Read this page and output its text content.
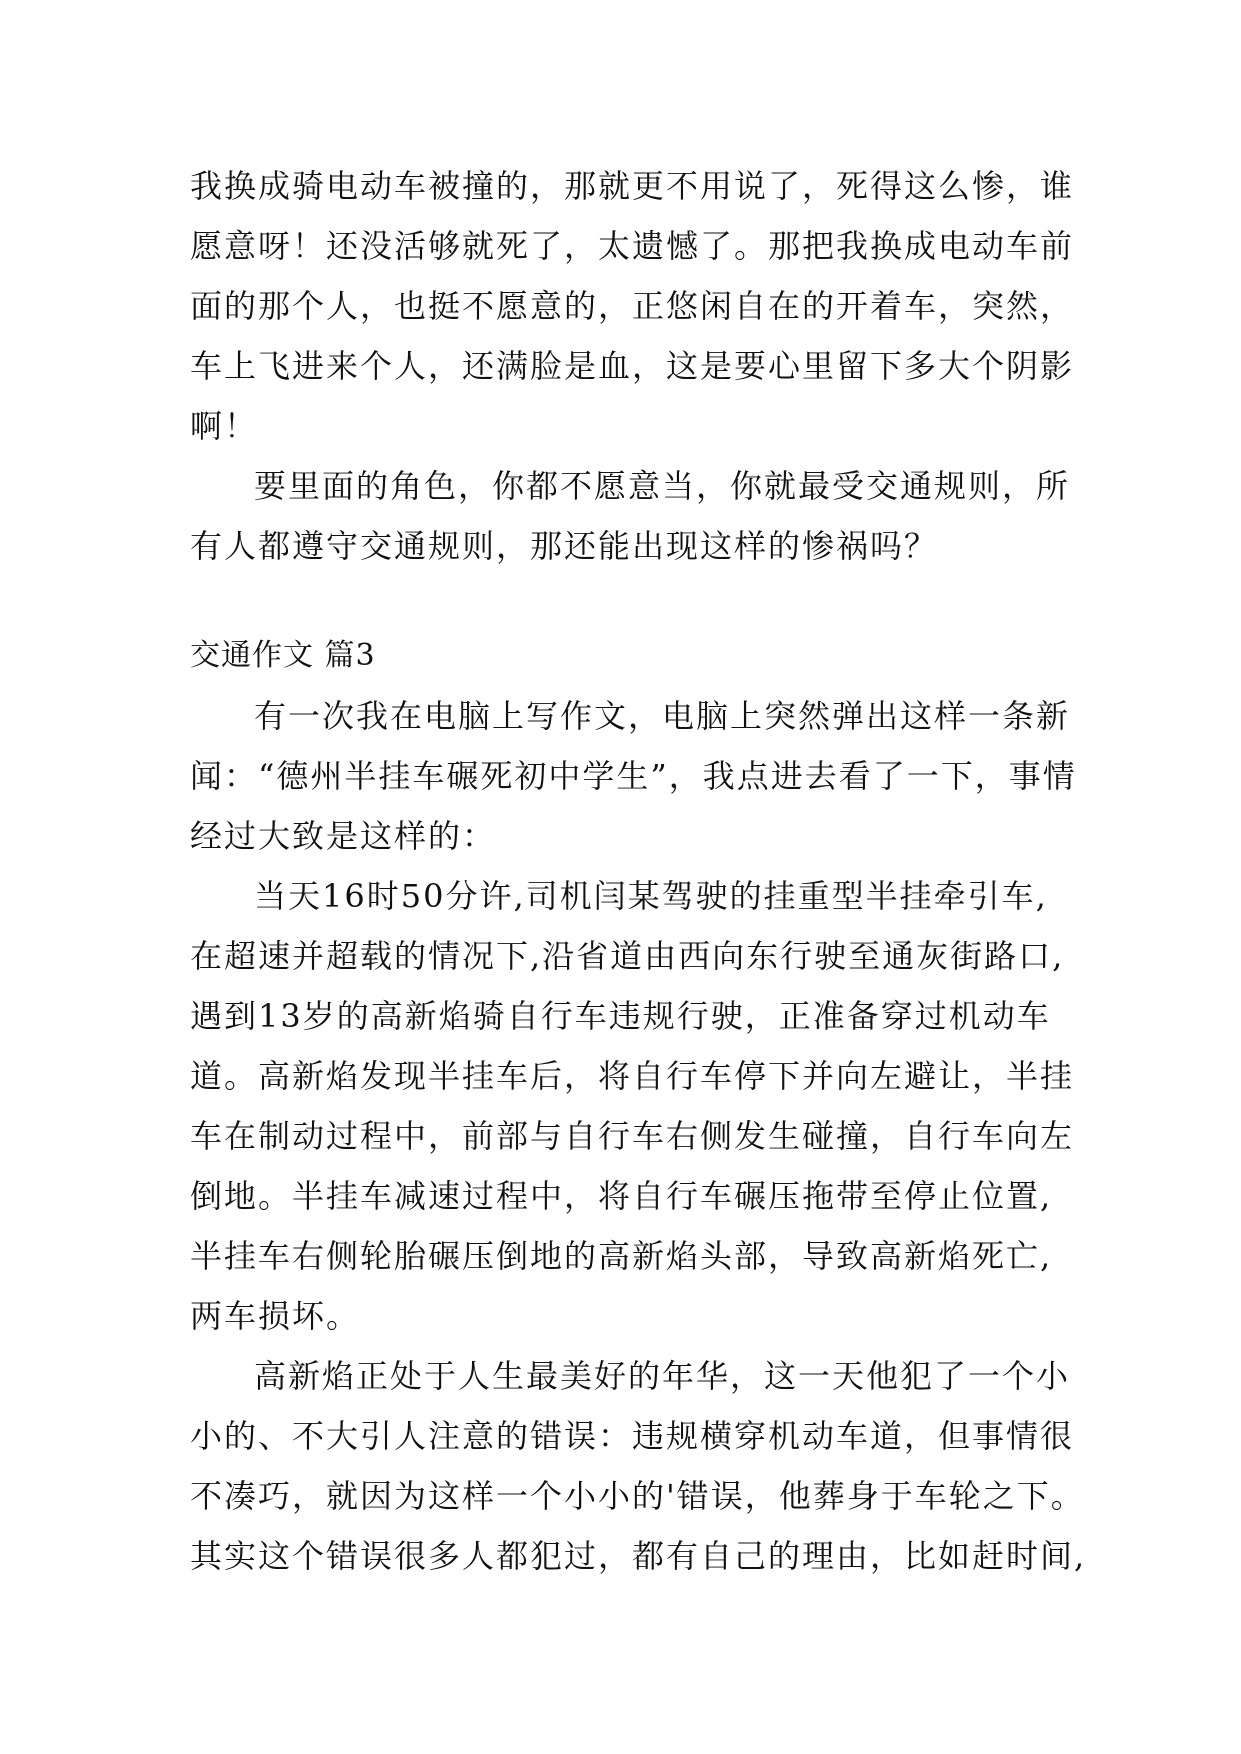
我换成骑电动车被撞的，那就更不用说了，死得这么惨，谁
愿意呀！还没活够就死了，太遗憾了。那把我换成电动车前
面的那个人，也挺不愿意的，正悠闲自在的开着车，突然，
车上飞进来个人，还满脸是血，这是要心里留下多大个阴影
啊！
要里面的角色，你都不愿意当，你就最受交通规则，所
有人都遵守交通规则，那还能出现这样的惨祸吗？
交通作文 篇3
有一次我在电脑上写作文，电脑上突然弹出这样一条新
闻：“德州半挂车碾死初中学生”，我点进去看了一下，事情
经过大致是这样的：
当天16时50分许,司机闫某驾驶的挂重型半挂牵引车,
在超速并超载的情况下,沿省道由西向东行驶至通灰街路口,
遇到13岁的高新焰骑自行车违规行驶，正准备穿过机动车
道。高新焰发现半挂车后，将自行车停下并向左避让，半挂
车在制动过程中，前部与自行车右侧发生碰撞，自行车向左
倒地。半挂车减速过程中，将自行车碾压拖带至停止位置,
半挂车右侧轮胎碾压倒地的高新焰头部，导致高新焰死亡,
两车损坏。
高新焰正处于人生最美好的年华，这一天他犯了一个小
小的、不大引人注意的错误：违规横穿机动车道，但事情很
不凑巧，就因为这样一个小小的'错误，他葬身于车轮之下。
其实这个错误很多人都犯过，都有自己的理由，比如赶时间,
